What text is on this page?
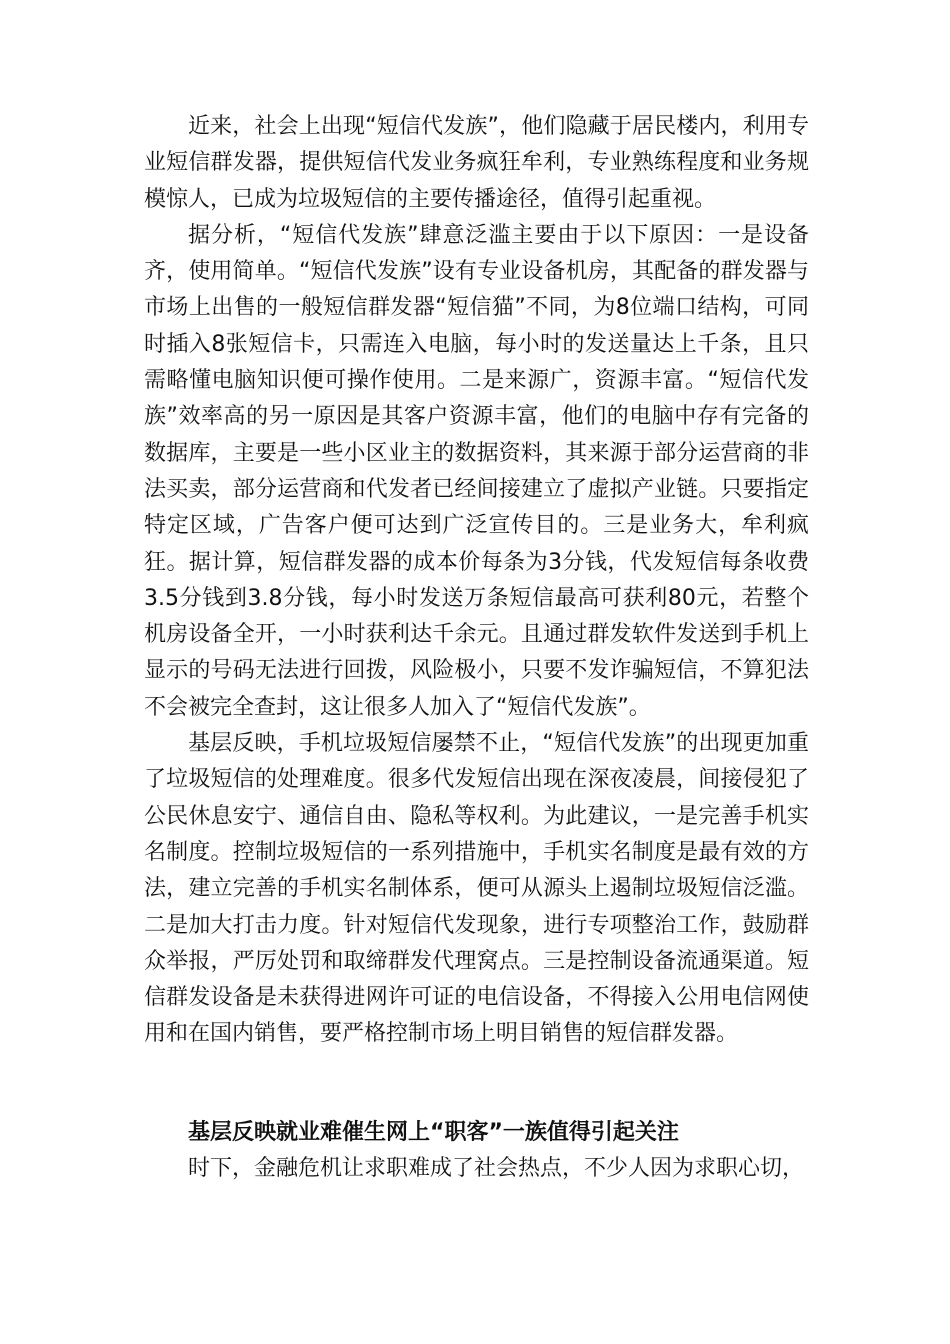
近来，社会上出现“短信代发族”，他们隐藏于居民楼内，利用专业短信群发器，提供短信代发业务疯狂牟利，专业熟练程度和业务规模惊人，已成为垃圾短信的主要传播途径，值得引起重视。

据分析，“短信代发族”肆意泛滥主要由于以下原因：一是设备齐，使用简单。“短信代发族”设有专业设备机房，其配备的群发器与市场上出售的一般短信群发器“短信猫”不同，为8位端口结构，可同时插入8张短信卡，只需连入电脑，每小时的发送量达上千条，且只需略懂电脑知识便可操作使用。二是来源广，资源丰富。“短信代发族”效率高的另一原因是其客户资源丰富，他们的电脑中存有完备的数据库，主要是一些小区业主的数据资料，其来源于部分运营商的非法买卖，部分运营商和代发者已经间接建立了虚拟产业链。只要指定特定区域，广告客户便可达到广泛宣传目的。三是业务大，牟利疯狂。据计算，短信群发器的成本价每条为3分钱，代发短信每条收费3.5分钱到3.8分钱，每小时发送万条短信最高可获利80元，若整个机房设备全开，一小时获利达千余元。且通过群发软件发送到手机上显示的号码无法进行回拨，风险极小，只要不发诈骗短信，不算犯法不会被完全查封，这让很多人加入了“短信代发族”。

基层反映，手机垃圾短信屡禁不止，“短信代发族”的出现更加重了垃圾短信的处理难度。很多代发短信出现在深夜凌晨，间接侵犯了公民休息安宁、通信自由、隐私等权利。为此建议，一是完善手机实名制度。控制垃圾短信的一系列措施中，手机实名制度是最有效的方法，建立完善的手机实名制体系，便可从源头上遏制垃圾短信泛滥。二是加大打击力度。针对短信代发现象，进行专项整治工作，鼓励群众举报，严厉处罚和取缔群发代理窝点。三是控制设备流通渠道。短信群发设备是未获得进网许可证的电信设备，不得接入公用电信网使用和在国内销售，要严格控制市场上明目销售的短信群发器。

基层反映就业难催生网上“职客”一族值得引起关注

时下，金融危机让求职难成了社会热点，不少人因为求职心切，
